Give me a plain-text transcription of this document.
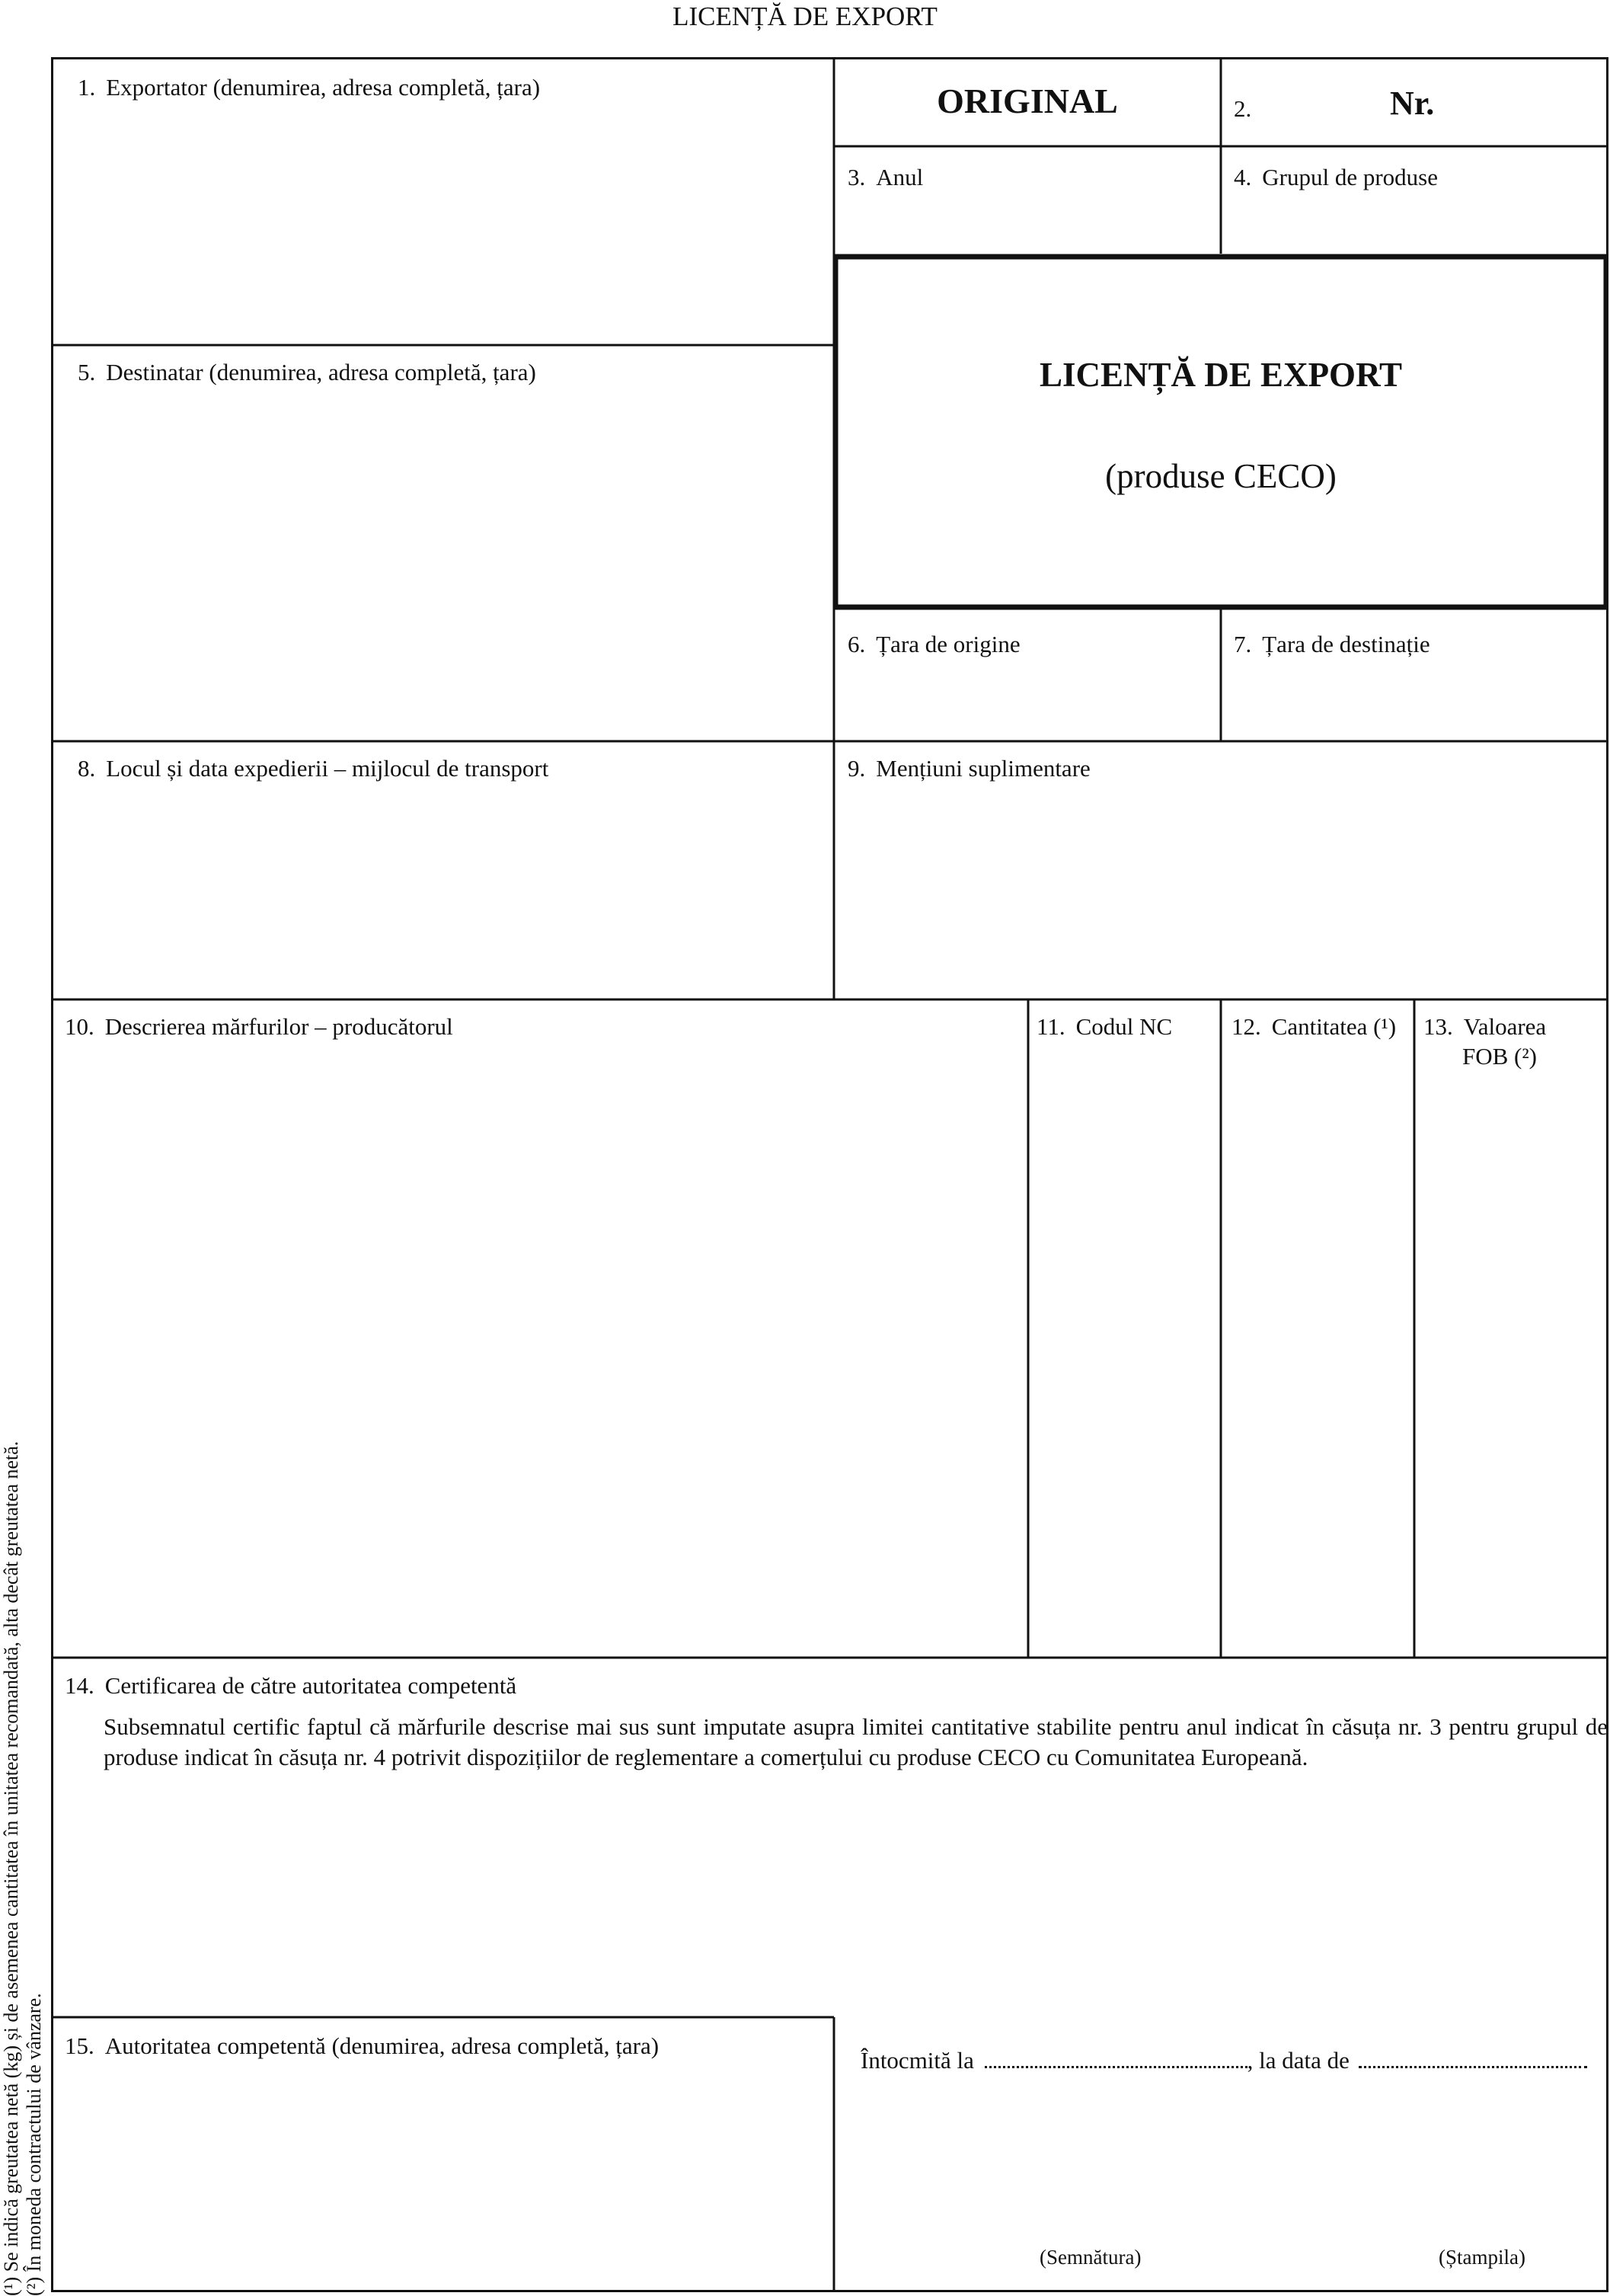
LICENȚĂ DE EXPORT
1. Exportator (denumirea, adresa completă, țara)	ORIGINAL	2.	Nr.
3. Anul	4. Grupul de produse
5. Destinatar (denumirea, adresa completă, țara)	LICENȚĂ DE EXPORT
(produse CECO)
6. Țara de origine	7. Țara de destinație
8. Locul și data expedierii – mijlocul de transport	9. Mențiuni suplimentare
10. Descrierea mărfurilor – producătorul	11. Codul NC	12. Cantitatea (¹) 13. Valoarea
FOB (²)
14. Certificarea de către autoritatea competentă
Subsemnatul certific faptul că mărfurile descrise mai sus sunt imputate asupra limitei cantitative stabilite pentru anul indicat în căsuța nr. 3 pentru grupul de produse indicat în căsuța nr. 4 potrivit dispozițiilor de reglementare a comerțului cu produse CECO cu Comunitatea Europeană.
15. Autoritatea competentă (denumirea, adresa completă, țara)
Întocmită la	, la data de
(Semnătura)	(Ștampila)
(¹) Se indică greutatea netă (kg) și de asemenea cantitatea în unitatea recomandată, alta decât greutatea netă. (²) În moneda contractului de vânzare.
